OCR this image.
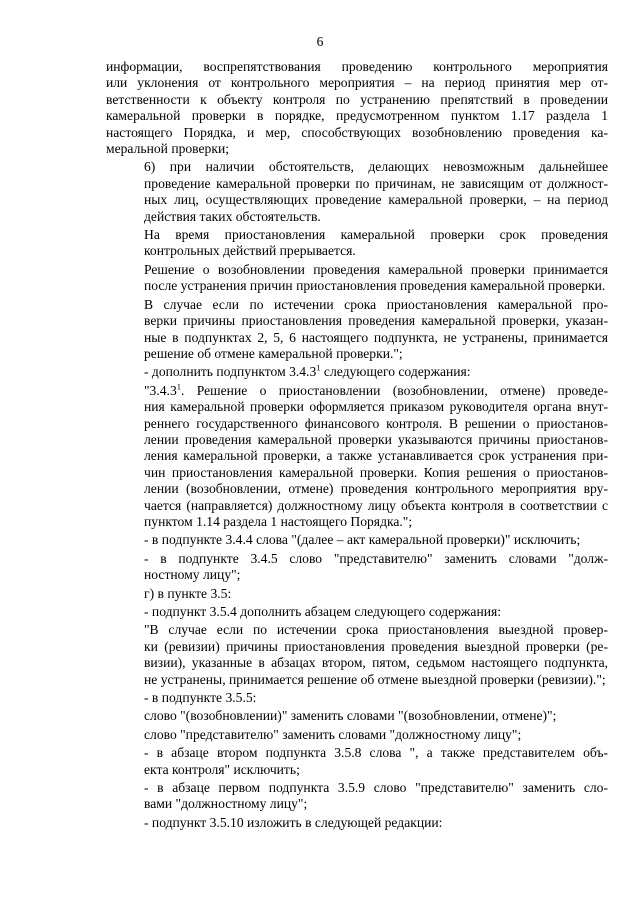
6

информации, воспрепятствования проведению контрольного мероприятия
или уклонения от контрольного мероприятия – на период принятия мер от-
ветственности к объекту контроля по устранению препятствий в проведении
камеральной проверки в порядке, предусмотренном пунктом 1.17 раздела 1
настоящего Порядка, и мер, способствующих возобновлению проведения ка-
меральной проверки;

6) при наличии обстоятельств, делающих невозможным дальнейшее
проведение камеральной проверки по причинам, не зависящим от должност-
ных лиц, осуществляющих проведение камеральной проверки, – на период
действия таких обстоятельств.

На время приостановления камеральной проверки срок проведения
контрольных действий прерывается.

Решение о возобновлении проведения камеральной проверки принимается
после устранения причин приостановления проведения камеральной проверки.

В случае если по истечении срока приостановления камеральной про-
верки причины приостановления проведения камеральной проверки, указан-
ные в подпунктах 2, 5, 6 настоящего подпункта, не устранены, принимается
решение об отмене камеральной проверки.";

- дополнить подпунктом 3.4.3$^1$ следующего содержания:

"3.4.3$^1$. Решение о приостановлении (возобновлении, отмене) проведе-
ния камеральной проверки оформляется приказом руководителя органа внут-
реннего государственного финансового контроля. В решении о приостанов-
лении проведения камеральной проверки указываются причины приостанов-
ления камеральной проверки, а также устанавливается срок устранения при-
чин приостановления камеральной проверки. Копия решения о приостанов-
лении (возобновлении, отмене) проведения контрольного мероприятия вру-
чается (направляется) должностному лицу объекта контроля в соответствии с
пунктом 1.14 раздела 1 настоящего Порядка.";

- в подпункте 3.4.4 слова "(далее – акт камеральной проверки)" исключить;

- в подпункте 3.4.5 слово "представителю" заменить словами "долж-
ностному лицу";

г) в пункте 3.5:

- подпункт 3.5.4 дополнить абзацем следующего содержания:

"В случае если по истечении срока приостановления выездной провер-
ки (ревизии) причины приостановления проведения выездной проверки (ре-
визии), указанные в абзацах втором, пятом, седьмом настоящего подпункта,
не устранены, принимается решение об отмене выездной проверки (ревизии).";

- в подпункте 3.5.5:

слово "(возобновлении)" заменить словами "(возобновлении, отмене)";

слово "представителю" заменить словами "должностному лицу";

- в абзаце втором подпункта 3.5.8 слова ", а также представителем объ-
екта контроля" исключить;

- в абзаце первом подпункта 3.5.9 слово "представителю" заменить сло-
вами "должностному лицу";

- подпункт 3.5.10 изложить в следующей редакции:
